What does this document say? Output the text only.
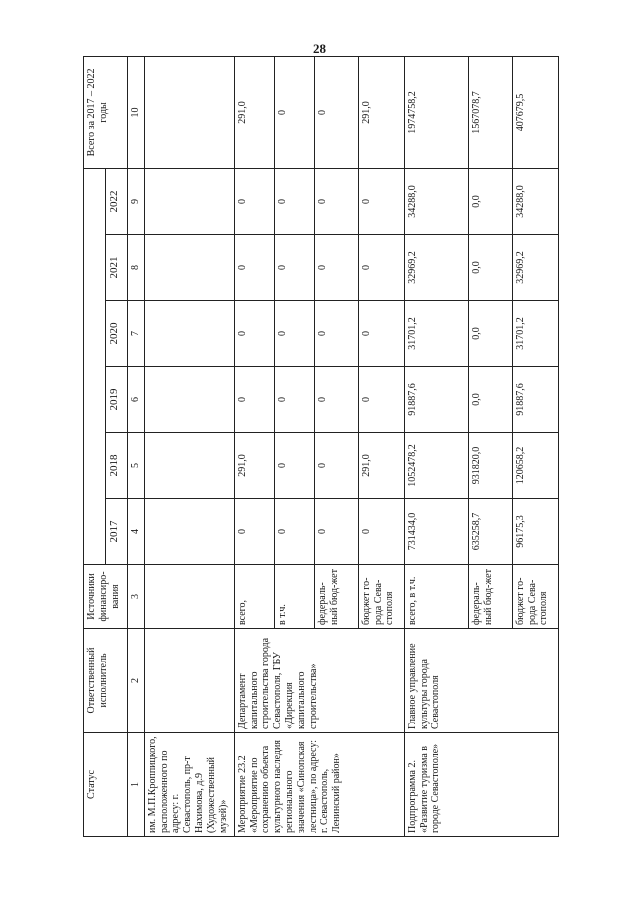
28
Статус	Ответственный исполнитель	Источники финансиро-вания							Всего за 2017 – 2022 годы
			2017	2018	2019	2020	2021	2022	
1	2	3	4	5	6	7	8	9	10
им. М.П.Кроппицкого, расположенного по адресу: г. Севастополь, пр-т Нахимова, д.9 (Художественный музей)»									
Мероприятие 23.2 «Мероприятие по сохранению объекта культурного наследия регионального значения «Синопская лестница», по адресу: г. Севастополь, Ленинский район»	Департамент капитального строительства города Севастополя, ГБУ «Дирекция капитального строительства»	всего,	0	291,0	0	0	0	0	291,0
		в т.ч.	0	0	0	0	0	0	0
		федераль-ный бюд-жет	0	0	0	0	0	0	0
		бюджет го-рода Сева-стополя	0	291,0	0	0	0	0	291,0
Подпрограмма 2. «Развитие туризма в городе Севастополе»	Главное управление культуры города Севастополя	всего, в т.ч.	731434,0	1052478,2	91887,6	31701,2	32969,2	34288,0	1974758,2
		федераль-ный бюд-жет	635258,7	931820,0	0,0	0,0	0,0	0,0	1567078,7
		бюджет го-рода Сева-стополя	96175,3	120658,2	91887,6	31701,2	32969,2	34288,0	407679,5
